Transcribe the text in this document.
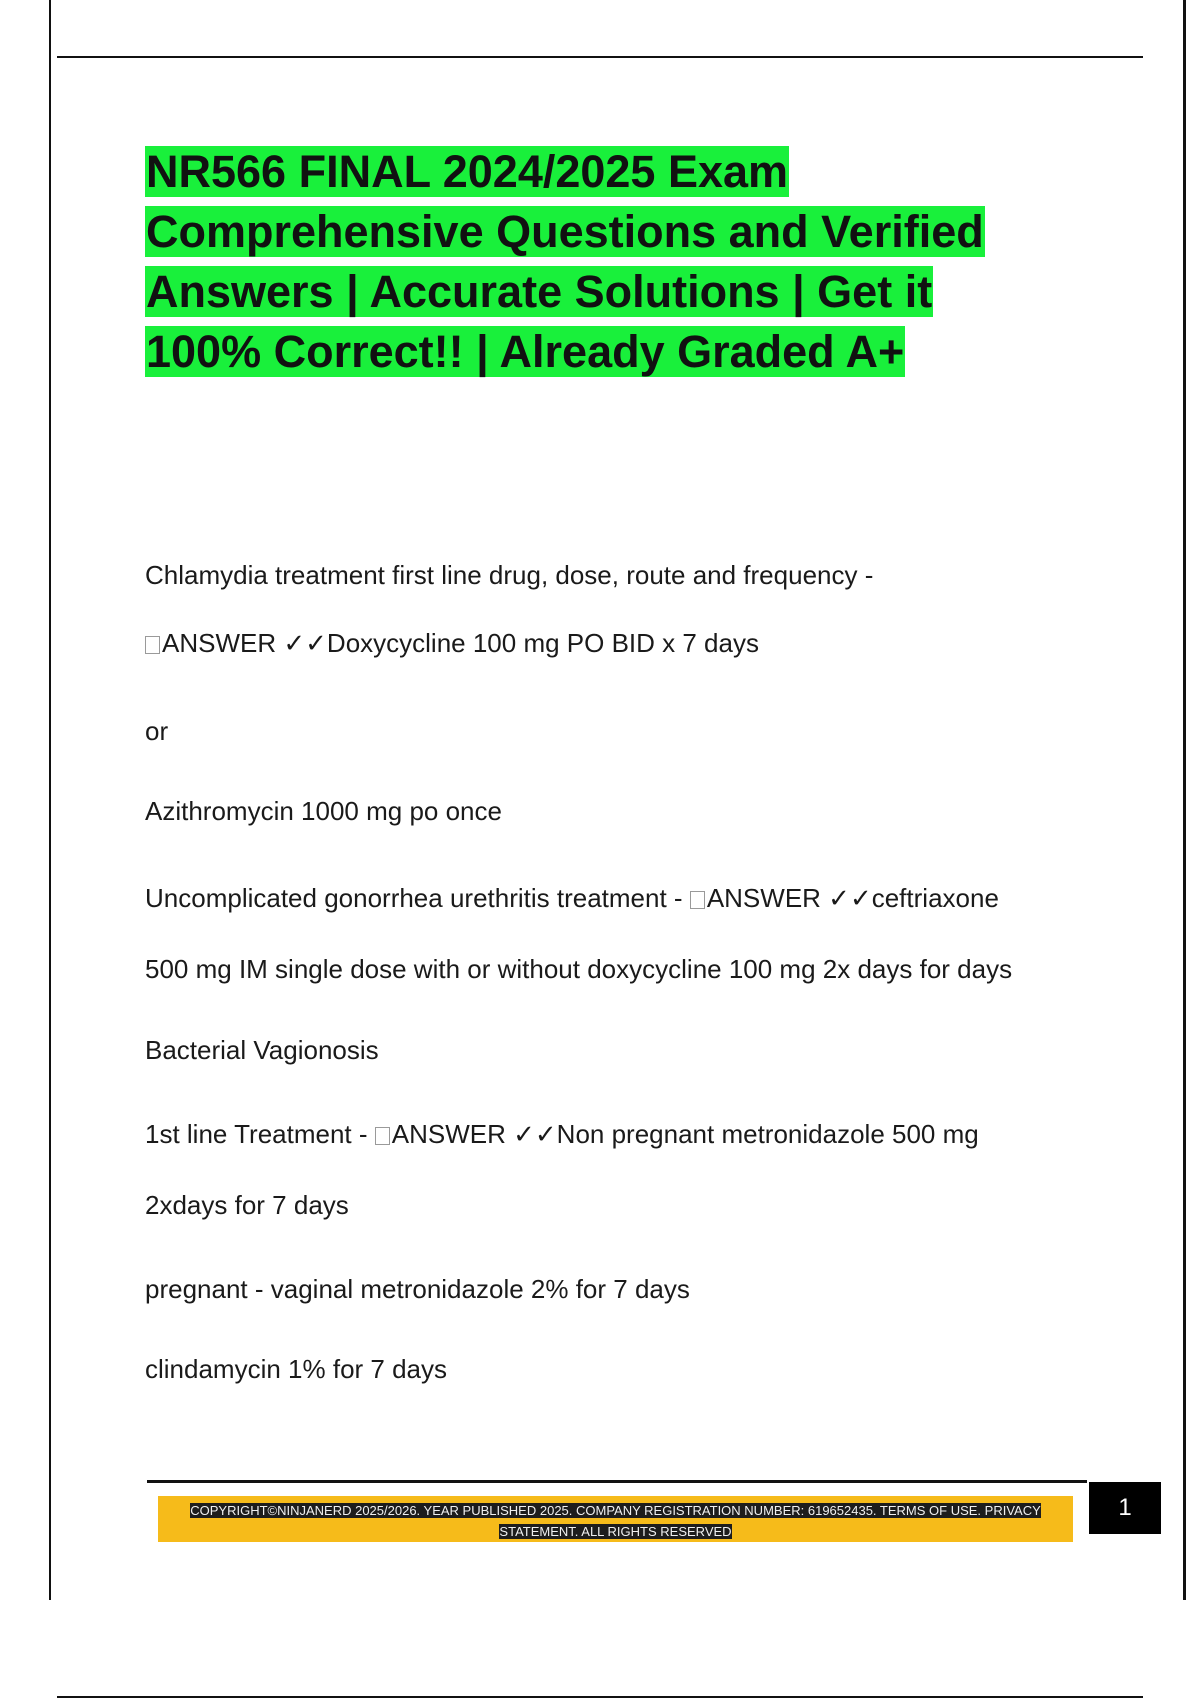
NR566 FINAL 2024/2025 Exam
Comprehensive Questions and Verified
Answers | Accurate Solutions | Get it
100% Correct!! | Already Graded A+

Chlamydia treatment first line drug, dose, route and frequency -

ANSWER ✓✓Doxycycline 100 mg PO BID x 7 days

or

Azithromycin 1000 mg po once

Uncomplicated gonorrhea urethritis treatment - ANSWER ✓✓ceftriaxone

500 mg IM single dose with or without doxycycline 100 mg 2x days for days

Bacterial Vagionosis

1st line Treatment - ANSWER ✓✓Non pregnant metronidazole 500 mg

2xdays for 7 days

pregnant - vaginal metronidazole 2% for 7 days

clindamycin 1% for 7 days

COPYRIGHT©NINJANERD 2025/2026. YEAR PUBLISHED 2025. COMPANY REGISTRATION NUMBER: 619652435. TERMS OF USE. PRIVACY
STATEMENT. ALL RIGHTS RESERVED
1
